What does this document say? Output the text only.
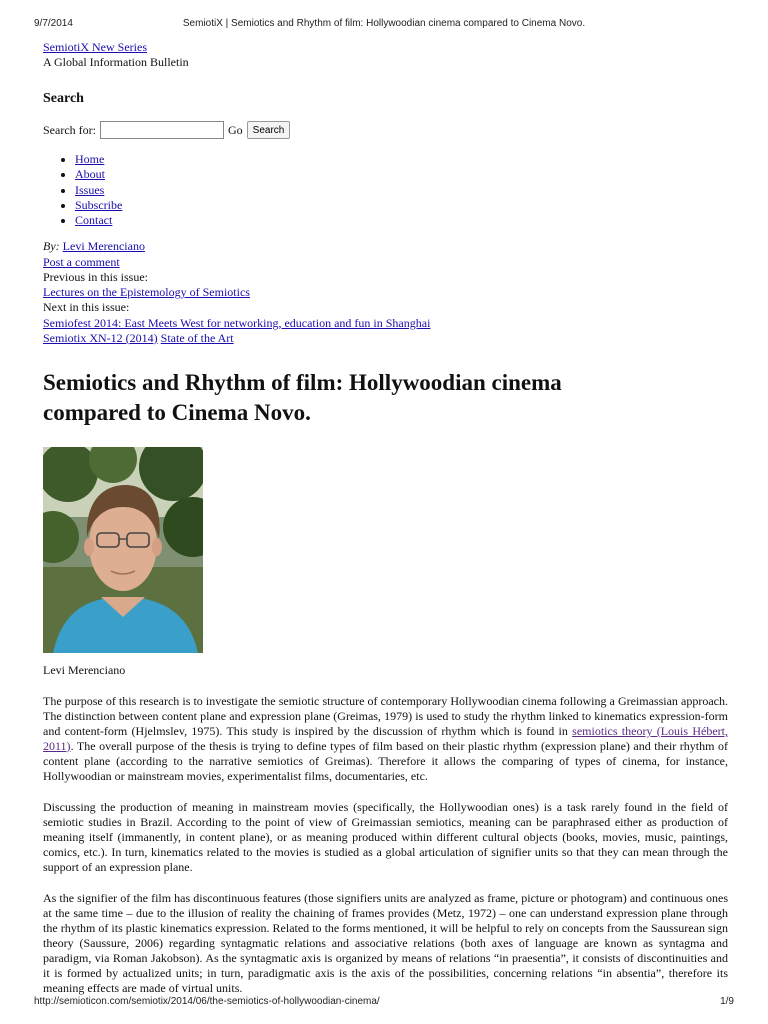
9/7/2014	SemiotiX | Semiotics and Rhythm of film: Hollywoodian cinema compared to Cinema Novo.
SemiotiX New Series
A Global Information Bulletin
Search
Search for:	Go	Search
• Home
• About
• Issues
• Subscribe
• Contact
By: Levi Merenciano
Post a comment
Previous in this issue:
Lectures on the Epistemology of Semiotics
Next in this issue:
Semiofest 2014: East Meets West for networking, education and fun in Shanghai
Semiotix XN-12 (2014) State of the Art
Semiotics and Rhythm of film: Hollywoodian cinema compared to Cinema Novo.
Levi Merenciano

The purpose of this research is to investigate the semiotic structure of contemporary Hollywoodian cinema following a Greimassian approach. The distinction between content plane and expression plane (Greimas, 1979) is used to study the rhythm linked to kinematics expression-form and content-form (Hjelmslev, 1975). This study is inspired by the discussion of rhythm which is found in semiotics theory (Louis Hébert, 2011). The overall purpose of the thesis is trying to define types of film based on their plastic rhythm (expression plane) and their rhythm of content plane (according to the narrative semiotics of Greimas). Therefore it allows the comparing of types of cinema, for instance, Hollywoodian or mainstream movies, experimentalist films, documentaries, etc.

Discussing the production of meaning in mainstream movies (specifically, the Hollywoodian ones) is a task rarely found in the field of semiotic studies in Brazil. According to the point of view of Greimassian semiotics, meaning can be paraphrased either as production of meaning itself (immanently, in content plane), or as meaning produced within different cultural objects (books, movies, music, paintings, comics, etc.). In turn, kinematics related to the movies is studied as a global articulation of signifier units so that they can mean through the support of an expression plane.

As the signifier of the film has discontinuous features (those signifiers units are analyzed as frame, picture or photogram) and continuous ones at the same time – due to the illusion of reality the chaining of frames provides (Metz, 1972) – one can understand expression plane through the rhythm of its plastic kinematics expression. Related to the forms mentioned, it will be helpful to rely on concepts from the Saussurean sign theory (Saussure, 2006) regarding syntagmatic relations and associative relations (both axes of language are known as syntagma and paradigm, via Roman Jakobson). As the syntagmatic axis is organized by means of relations “in praesentia”, it consists of discontinuities and it is formed by actualized units; in turn, paradigmatic axis is the axis of the possibilities, concerning relations “in absentia”, therefore its meaning effects are made of virtual units.

http://semioticon.com/semiotix/2014/06/the-semiotics-of-hollywoodian-cinema/	1/9
